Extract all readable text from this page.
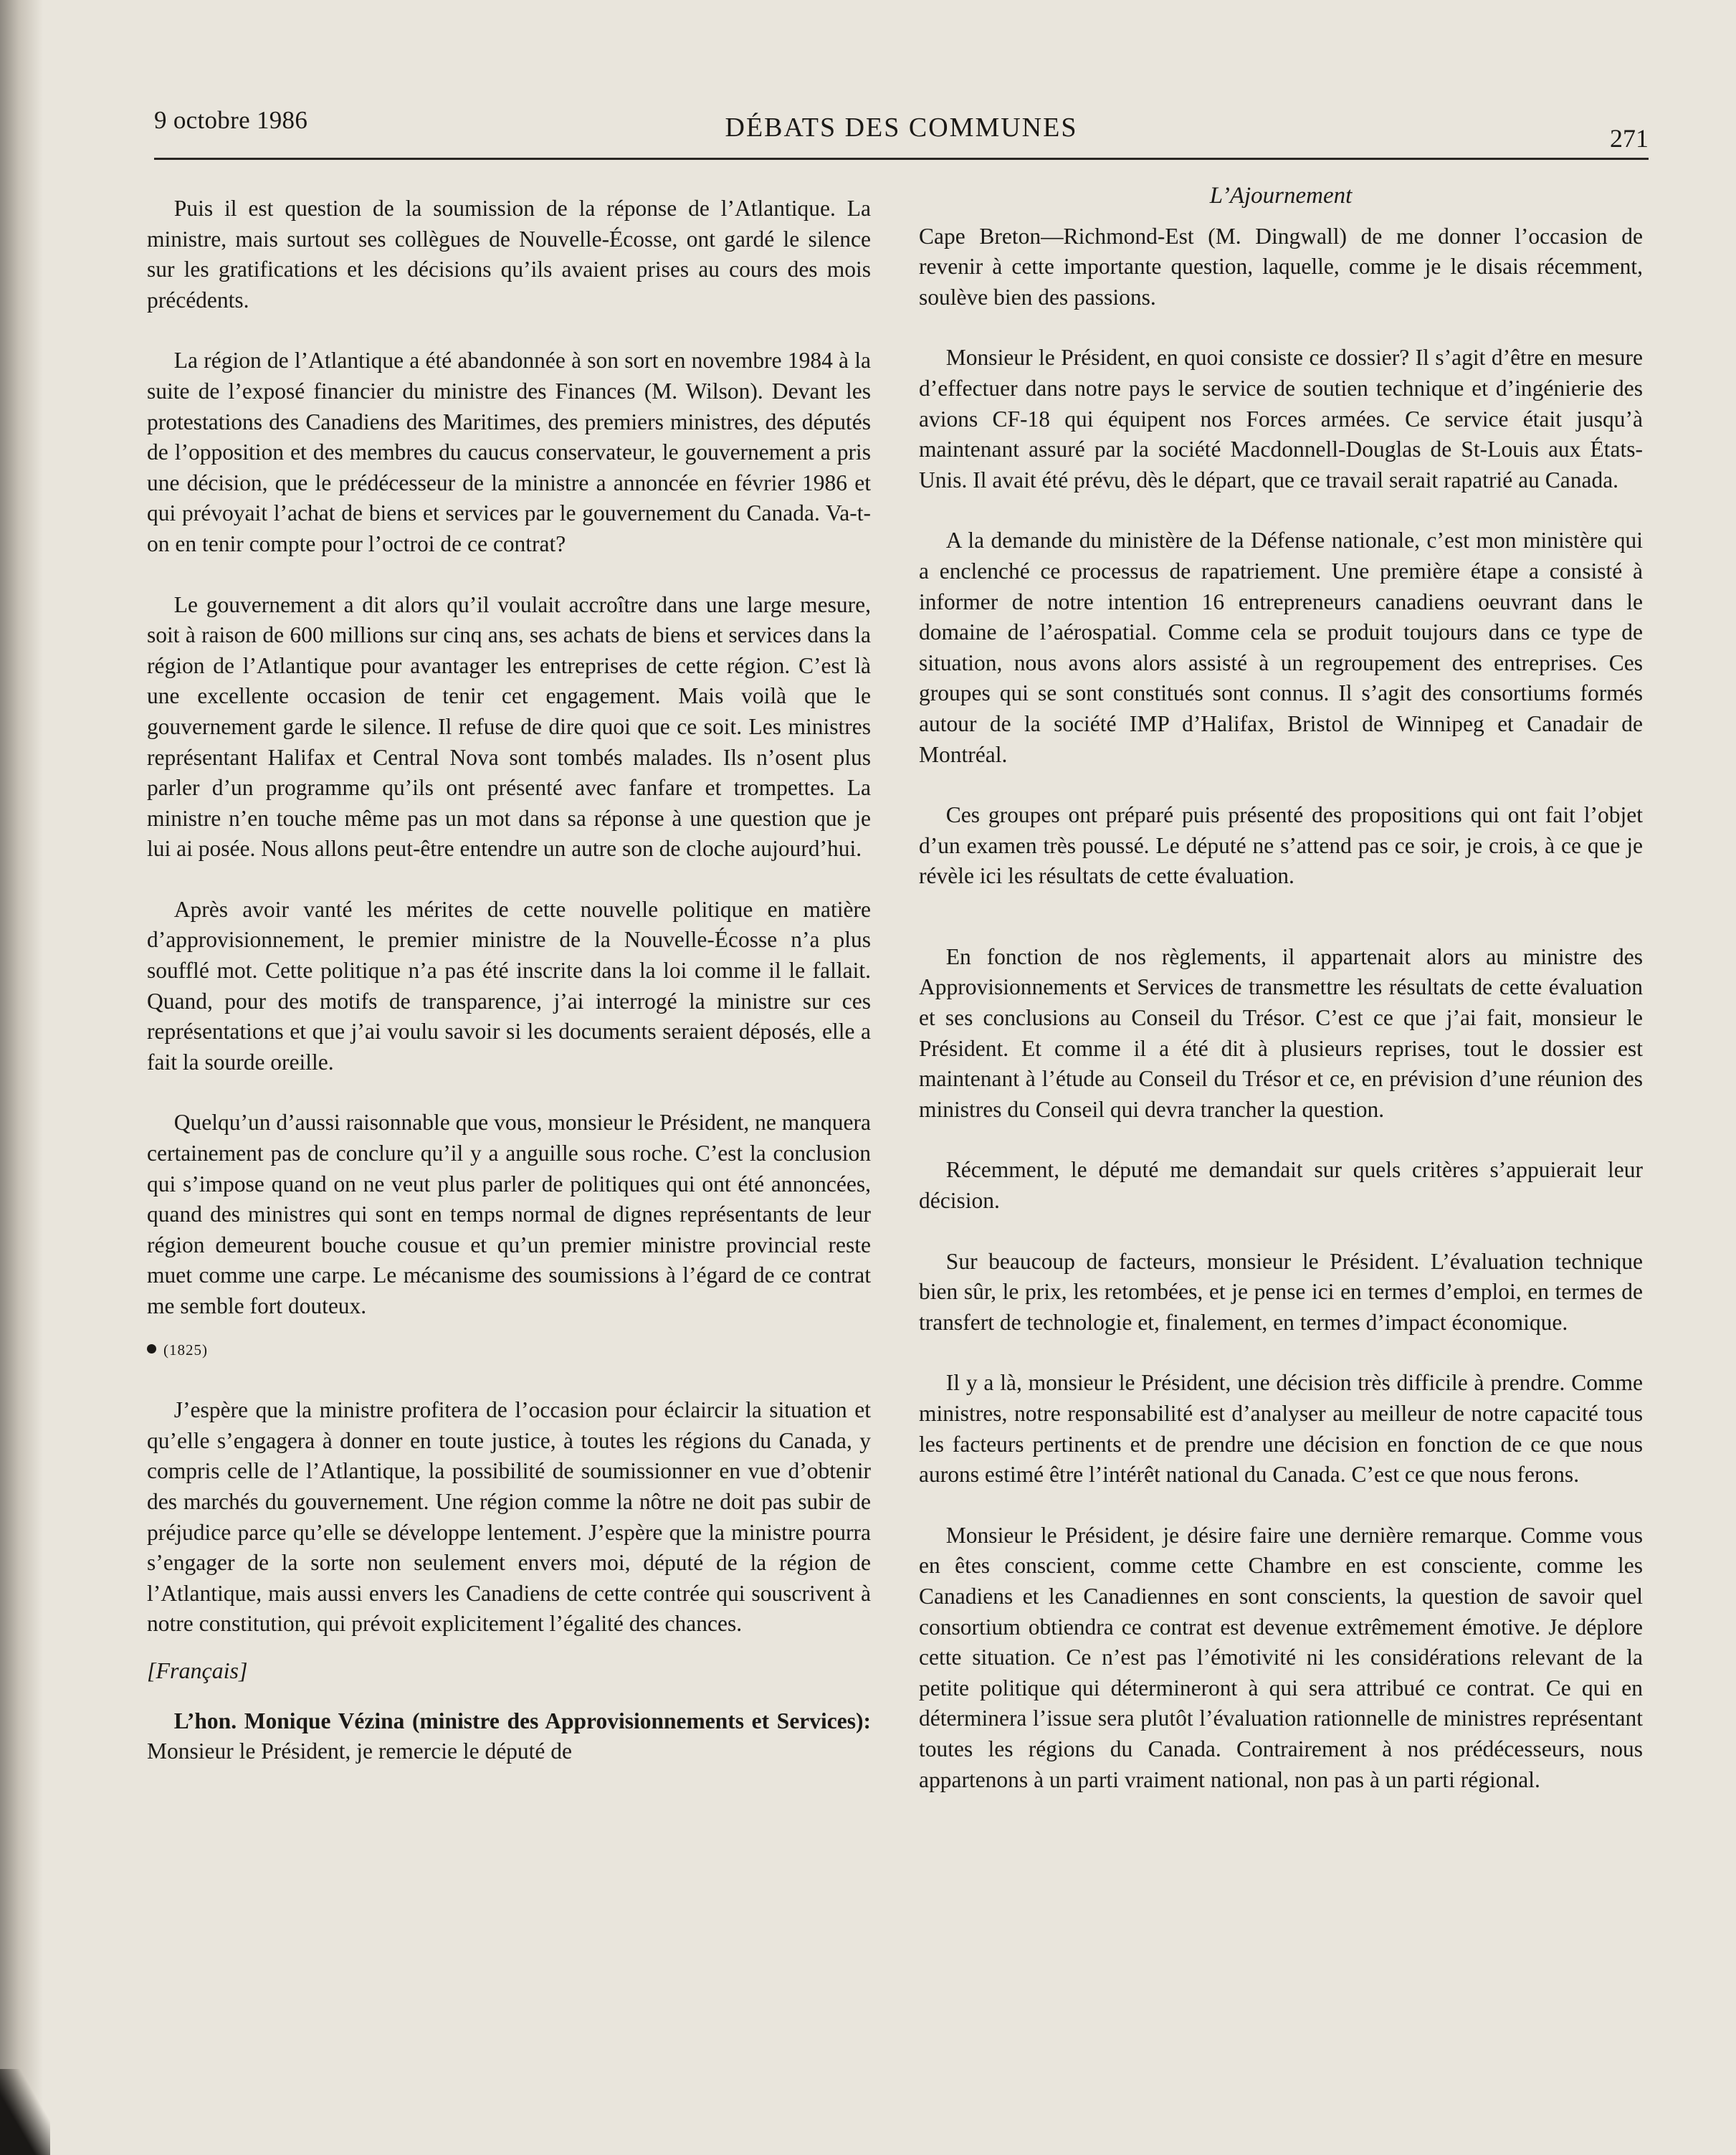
9 octobre 1986	DÉBATS DES COMMUNES	271

Puis il est question de la soumission de la réponse de l’Atlantique. La ministre, mais surtout ses collègues de Nouvelle-Écosse, ont gardé le silence sur les gratifications et les décisions qu’ils avaient prises au cours des mois précédents.

La région de l’Atlantique a été abandonnée à son sort en novembre 1984 à la suite de l’exposé financier du ministre des Finances (M. Wilson). Devant les protestations des Canadiens des Maritimes, des premiers ministres, des députés de l’opposition et des membres du caucus conservateur, le gouvernement a pris une décision, que le prédécesseur de la ministre a annoncée en février 1986 et qui prévoyait l’achat de biens et services par le gouvernement du Canada. Va-t-on en tenir compte pour l’octroi de ce contrat?

Le gouvernement a dit alors qu’il voulait accroître dans une large mesure, soit à raison de 600 millions sur cinq ans, ses achats de biens et services dans la région de l’Atlantique pour avantager les entreprises de cette région. C’est là une excellente occasion de tenir cet engagement. Mais voilà que le gouvernement garde le silence. Il refuse de dire quoi que ce soit. Les ministres représentant Halifax et Central Nova sont tombés malades. Ils n’osent plus parler d’un programme qu’ils ont présenté avec fanfare et trompettes. La ministre n’en touche même pas un mot dans sa réponse à une question que je lui ai posée. Nous allons peut-être entendre un autre son de cloche aujourd’hui.

Après avoir vanté les mérites de cette nouvelle politique en matière d’approvisionnement, le premier ministre de la Nouvelle-Écosse n’a plus soufflé mot. Cette politique n’a pas été inscrite dans la loi comme il le fallait. Quand, pour des motifs de transparence, j’ai interrogé la ministre sur ces représentations et que j’ai voulu savoir si les documents seraient déposés, elle a fait la sourde oreille.

Quelqu’un d’aussi raisonnable que vous, monsieur le Président, ne manquera certainement pas de conclure qu’il y a anguille sous roche. C’est la conclusion qui s’impose quand on ne veut plus parler de politiques qui ont été annoncées, quand des ministres qui sont en temps normal de dignes représentants de leur région demeurent bouche cousue et qu’un premier ministre provincial reste muet comme une carpe. Le mécanisme des soumissions à l’égard de ce contrat me semble fort douteux.

(1825)

J’espère que la ministre profitera de l’occasion pour éclaircir la situation et qu’elle s’engagera à donner en toute justice, à toutes les régions du Canada, y compris celle de l’Atlantique, la possibilité de soumissionner en vue d’obtenir des marchés du gouvernement. Une région comme la nôtre ne doit pas subir de préjudice parce qu’elle se développe lentement. J’espère que la ministre pourra s’engager de la sorte non seulement envers moi, député de la région de l’Atlantique, mais aussi envers les Canadiens de cette contrée qui souscrivent à notre constitution, qui prévoit explicitement l’égalité des chances.

[Français]

L’hon. Monique Vézina (ministre des Approvisionnements et Services): Monsieur le Président, je remercie le député de

L’Ajournement

Cape Breton—Richmond-Est (M. Dingwall) de me donner l’occasion de revenir à cette importante question, laquelle, comme je le disais récemment, soulève bien des passions.

Monsieur le Président, en quoi consiste ce dossier? Il s’agit d’être en mesure d’effectuer dans notre pays le service de soutien technique et d’ingénierie des avions CF-18 qui équipent nos Forces armées. Ce service était jusqu’à maintenant assuré par la société Macdonnell-Douglas de St-Louis aux États-Unis. Il avait été prévu, dès le départ, que ce travail serait rapatrié au Canada.

A la demande du ministère de la Défense nationale, c’est mon ministère qui a enclenché ce processus de rapatriement. Une première étape a consisté à informer de notre intention 16 entrepreneurs canadiens oeuvrant dans le domaine de l’aérospatial. Comme cela se produit toujours dans ce type de situation, nous avons alors assisté à un regroupement des entreprises. Ces groupes qui se sont constitués sont connus. Il s’agit des consortiums formés autour de la société IMP d’Halifax, Bristol de Winnipeg et Canadair de Montréal.

Ces groupes ont préparé puis présenté des propositions qui ont fait l’objet d’un examen très poussé. Le député ne s’attend pas ce soir, je crois, à ce que je révèle ici les résultats de cette évaluation.

En fonction de nos règlements, il appartenait alors au ministre des Approvisionnements et Services de transmettre les résultats de cette évaluation et ses conclusions au Conseil du Trésor. C’est ce que j’ai fait, monsieur le Président. Et comme il a été dit à plusieurs reprises, tout le dossier est maintenant à l’étude au Conseil du Trésor et ce, en prévision d’une réunion des ministres du Conseil qui devra trancher la question.

Récemment, le député me demandait sur quels critères s’appuierait leur décision.

Sur beaucoup de facteurs, monsieur le Président. L’évaluation technique bien sûr, le prix, les retombées, et je pense ici en termes d’emploi, en termes de transfert de technologie et, finalement, en termes d’impact économique.

Il y a là, monsieur le Président, une décision très difficile à prendre. Comme ministres, notre responsabilité est d’analyser au meilleur de notre capacité tous les facteurs pertinents et de prendre une décision en fonction de ce que nous aurons estimé être l’intérêt national du Canada. C’est ce que nous ferons.

Monsieur le Président, je désire faire une dernière remarque. Comme vous en êtes conscient, comme cette Chambre en est consciente, comme les Canadiens et les Canadiennes en sont conscients, la question de savoir quel consortium obtiendra ce contrat est devenue extrêmement émotive. Je déplore cette situation. Ce n’est pas l’émotivité ni les considérations relevant de la petite politique qui détermineront à qui sera attribué ce contrat. Ce qui en déterminera l’issue sera plutôt l’évaluation rationnelle de ministres représentant toutes les régions du Canada. Contrairement à nos prédécesseurs, nous appartenons à un parti vraiment national, non pas à un parti régional.
